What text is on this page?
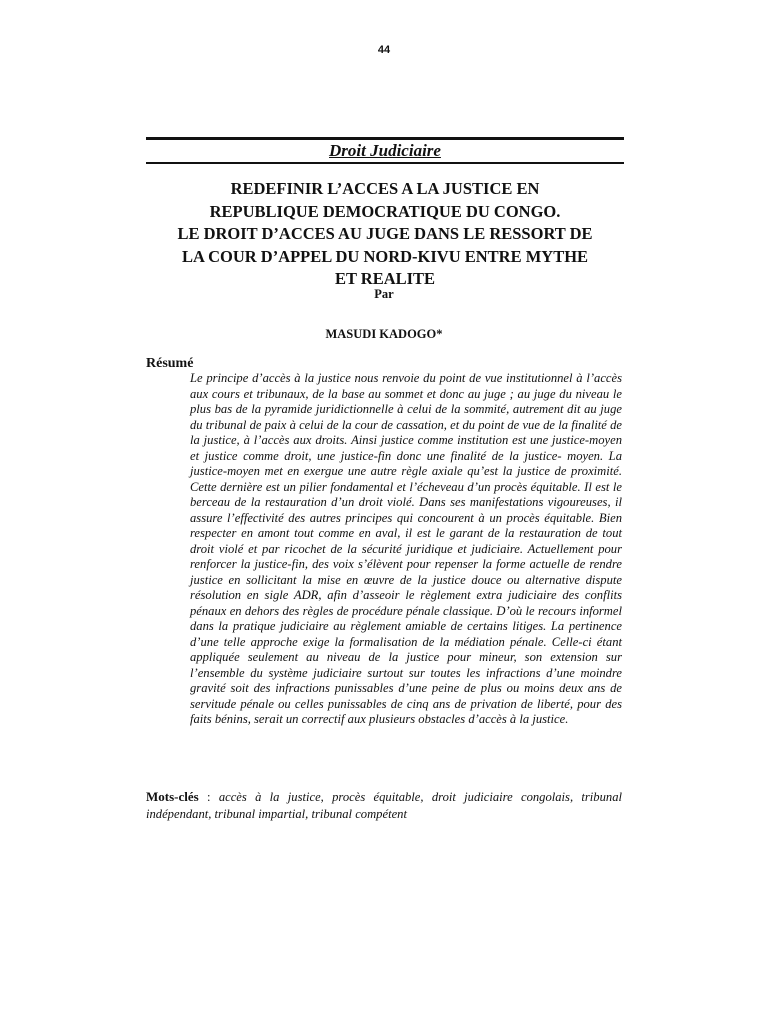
44
Droit Judiciaire
REDEFINIR L’ACCES A LA JUSTICE EN
REPUBLIQUE DEMOCRATIQUE DU CONGO.
LE DROIT D’ACCES AU JUGE DANS LE RESSORT DE
LA COUR D’APPEL DU NORD-KIVU ENTRE MYTHE
ET REALITE
Par
MASUDI KADOGO*
Résumé

Le principe d’accès à la justice nous renvoie du point de vue institutionnel à l’accès aux cours et tribunaux, de la base au sommet et donc au juge ; au juge du niveau le plus bas de la pyramide juridictionnelle à celui de la sommité, autrement dit au juge du tribunal de paix à celui de la cour de cassation, et du point de vue de la finalité de la justice, à l’accès aux droits. Ainsi justice comme institution est une justice-moyen et justice comme droit, une justice-fin donc une finalité de la justice- moyen. La justice-moyen met en exergue une autre règle axiale qu’est la justice de proximité. Cette dernière est un pilier fondamental et l’écheveau d’un procès équitable. Il est le berceau de la restauration d’un droit violé. Dans ses manifestations vigoureuses, il assure l’effectivité des autres principes qui concourent à un procès équitable. Bien respecter en amont tout comme en aval, il est le garant de la restauration de tout droit violé et par ricochet de la sécurité juridique et judiciaire. Actuellement pour renforcer la justice-fin, des voix s’élèvent pour repenser la forme actuelle de rendre justice en sollicitant la mise en œuvre de la justice douce ou alternative dispute résolution en sigle ADR, afin d’asseoir le règlement extra judiciaire des conflits pénaux en dehors des règles de procédure pénale classique. D’où le recours informel dans la pratique judiciaire au règlement amiable de certains litiges. La pertinence d’une telle approche exige la formalisation de la médiation pénale. Celle-ci étant appliquée seulement au niveau de la justice pour mineur, son extension sur l’ensemble du système judiciaire surtout sur toutes les infractions d’une moindre gravité soit des infractions punissables d’une peine de plus ou moins deux ans de servitude pénale ou celles punissables de cinq ans de privation de liberté, pour des faits bénins, serait un correctif aux plusieurs obstacles d’accès à la justice.

Mots-clés : accès à la justice, procès équitable, droit judiciaire congolais, tribunal indépendant, tribunal impartial, tribunal compétent
